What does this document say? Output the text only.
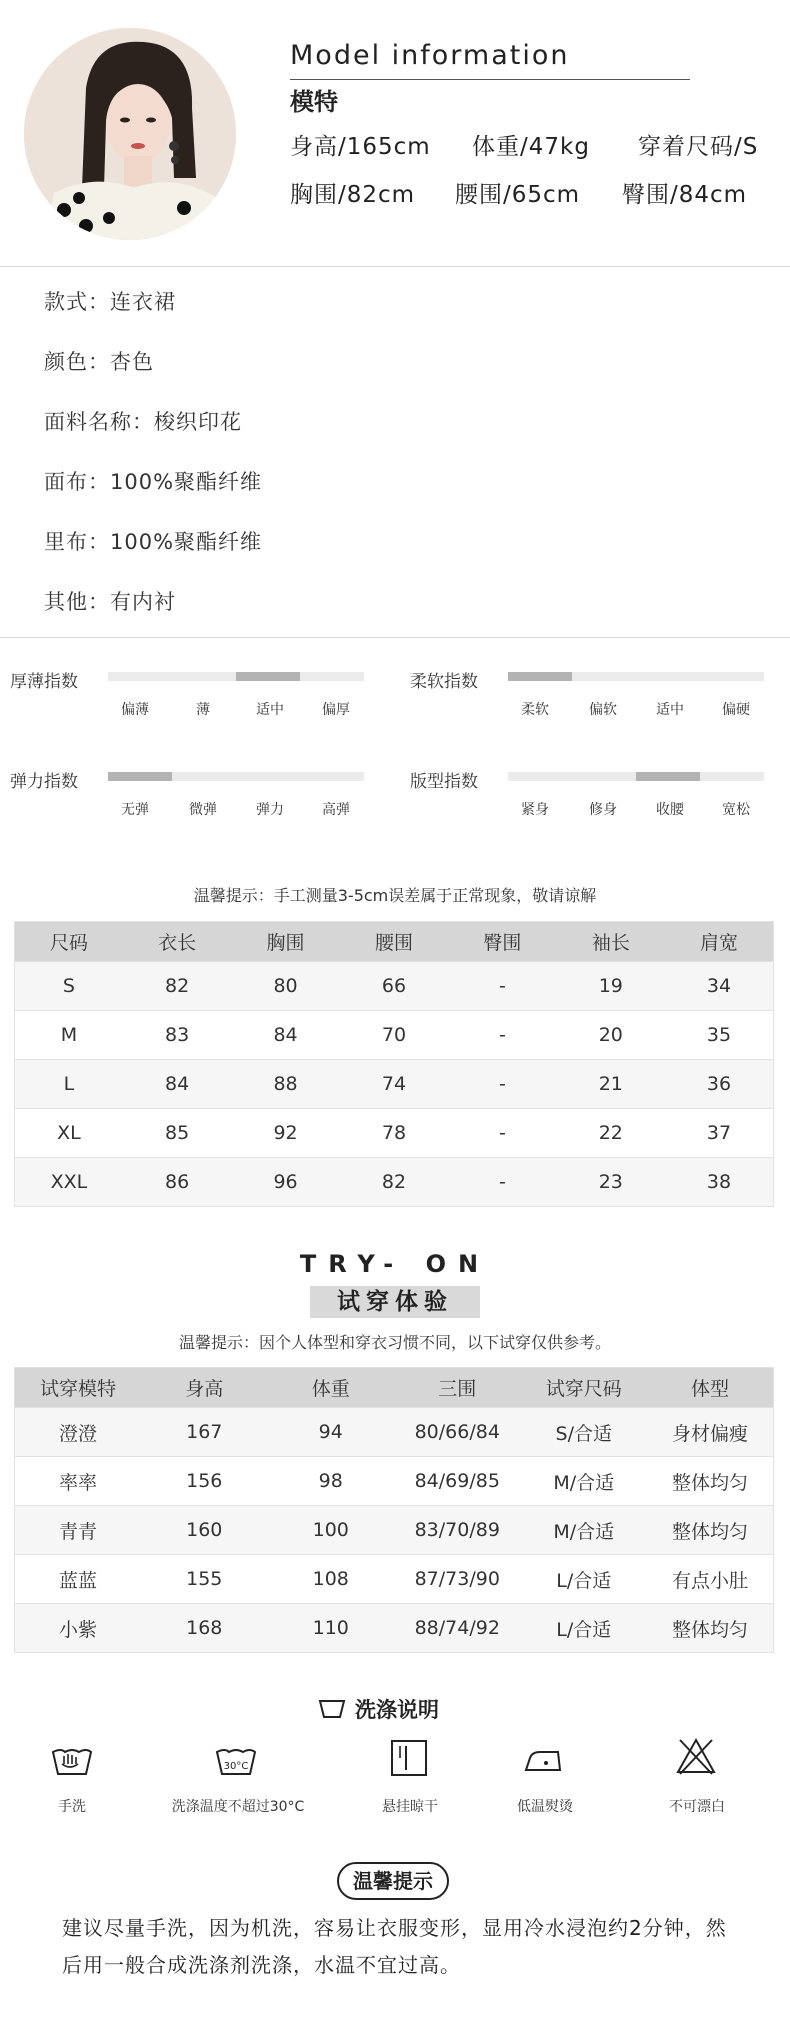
Model information
模特
身高/165cm 体重/47kg 穿着尺码/S
胸围/82cm 腰围/65cm 臀围/84cm
款式：连衣裙
颜色：杏色
面料名称：梭织印花
面布：100%聚酯纤维
里布：100%聚酯纤维
其他：有内衬
厚薄指数
偏薄	薄	适中	偏厚
柔软指数
柔软	偏软	适中	偏硬
弹力指数
无弹	微弹	弹力	高弹
版型指数
紧身	修身	收腰	宽松
温馨提示：手工测量3-5cm误差属于正常现象，敬请谅解
尺码	衣长	胸围	腰围	臀围	袖长	肩宽
S	82	80	66	-	19	34
M	83	84	70	-	20	35
L	84	88	74	-	21	36
XL	85	92	78	-	22	37
XXL	86	96	82	-	23	38
TRY- ON
试穿体验
温馨提示：因个人体型和穿衣习惯不同，以下试穿仅供参考。
试穿模特	身高	体重	三围	试穿尺码	体型
澄澄	167	94	80/66/84	S/合适	身材偏瘦
率率	156	98	84/69/85	M/合适	整体均匀
青青	160	100	83/70/89	M/合适	整体均匀
蓝蓝	155	108	87/73/90	L/合适	有点小肚
小紫	168	110	88/74/92	L/合适	整体均匀
洗涤说明
手洗
30°C
洗涤温度不超过30°C	悬挂晾干	低温熨烫	不可漂白
温馨提示
建议尽量手洗，因为机洗，容易让衣服变形，显用冷水浸泡约2分钟，然后用一般合成洗涤剂洗涤，水温不宜过高。
